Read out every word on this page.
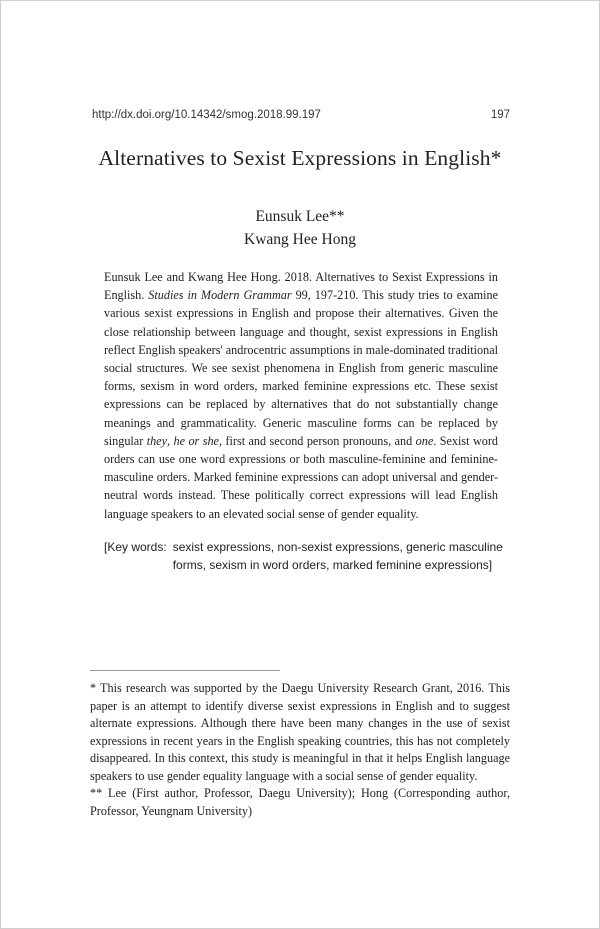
http://dx.doi.org/10.14342/smog.2018.99.197	197
Alternatives to Sexist Expressions in English*
Eunsuk Lee**
Kwang Hee Hong
Eunsuk Lee and Kwang Hee Hong. 2018. Alternatives to Sexist Expressions in English. Studies in Modern Grammar 99, 197-210. This study tries to examine various sexist expressions in English and propose their alternatives. Given the close relationship between language and thought, sexist expressions in English reflect English speakers' androcentric assumptions in male-dominated traditional social structures. We see sexist phenomena in English from generic masculine forms, sexism in word orders, marked feminine expressions etc. These sexist expressions can be replaced by alternatives that do not substantially change meanings and grammaticality. Generic masculine forms can be replaced by singular they, he or she, first and second person pronouns, and one. Sexist word orders can use one word expressions or both masculine-feminine and feminine-masculine orders. Marked feminine expressions can adopt universal and gender-neutral words instead. These politically correct expressions will lead English language speakers to an elevated social sense of gender equality.
[Key words: sexist expressions, non-sexist expressions, generic masculine forms, sexism in word orders, marked feminine expressions]

* This research was supported by the Daegu University Research Grant, 2016. This paper is an attempt to identify diverse sexist expressions in English and to suggest alternate expressions. Although there have been many changes in the use of sexist expressions in recent years in the English speaking countries, this has not completely disappeared. In this context, this study is meaningful in that it helps English language speakers to use gender equality language with a social sense of gender equality.

** Lee (First author, Professor, Daegu University); Hong (Corresponding author, Professor, Yeungnam University)
